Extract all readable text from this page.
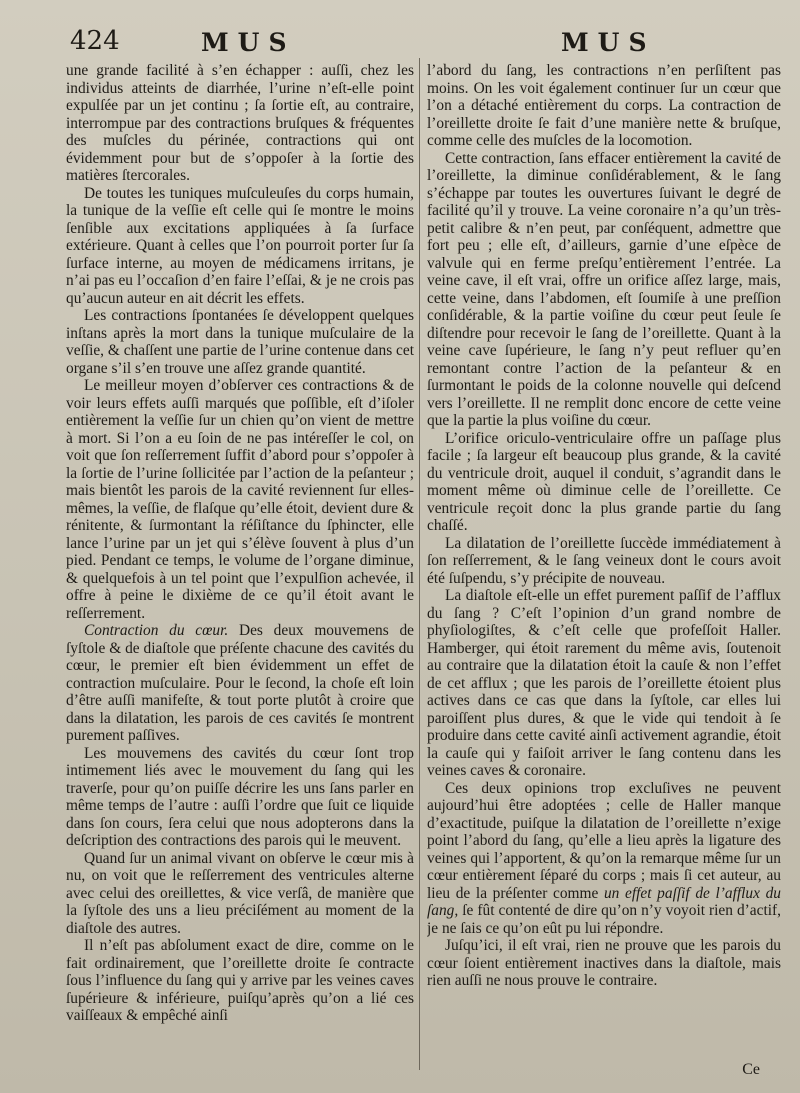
424	MUS	MUS

une grande facilité à s’en échapper : auſſi, chez les individus atteints de diarrhée, l’urine n’eſt-elle point expulſée par un jet continu ; ſa ſortie eſt, au contraire, interrompue par des contractions bruſques & fréquentes des muſcles du périnée, contractions qui ont évidemment pour but de s’oppoſer à la ſortie des matières ſtercorales.

De toutes les tuniques muſculeuſes du corps humain, la tunique de la veſſie eſt celle qui ſe montre le moins ſenſible aux excitations appliquées à ſa ſurface extérieure. Quant à celles que l’on pourroit porter ſur ſa ſurface interne, au moyen de médicamens irritans, je n’ai pas eu l’occaſion d’en faire l’eſſai, & je ne crois pas qu’aucun auteur en ait décrit les effets.

Les contractions ſpontanées ſe développent quelques inſtans après la mort dans la tunique muſculaire de la veſſie, & chaſſent une partie de l’urine contenue dans cet organe s’il s’en trouve une aſſez grande quantité.

Le meilleur moyen d’obſerver ces contractions & de voir leurs effets auſſi marqués que poſſible, eſt d’iſoler entièrement la veſſie ſur un chien qu’on vient de mettre à mort. Si l’on a eu ſoin de ne pas intéreſſer le col, on voit que ſon reſſerrement ſuffit d’abord pour s’oppoſer à la ſortie de l’urine ſollicitée par l’action de la peſanteur ; mais bientôt les parois de la cavité reviennent ſur elles-mêmes, la veſſie, de flaſque qu’elle étoit, devient dure & rénitente, & ſurmontant la réſiſtance du ſphincter, elle lance l’urine par un jet qui s’élève ſouvent à plus d’un pied. Pendant ce temps, le volume de l’organe diminue, & quelquefois à un tel point que l’expulſion achevée, il offre à peine le dixième de ce qu’il étoit avant le reſſerrement.

Contraction du cœur. Des deux mouvemens de ſyſtole & de diaſtole que préſente chacune des cavités du cœur, le premier eſt bien évidemment un effet de contraction muſculaire. Pour le ſecond, la choſe eſt loin d’être auſſi manifeſte, & tout porte plutôt à croire que dans la dilatation, les parois de ces cavités ſe montrent purement paſſives.

Les mouvemens des cavités du cœur ſont trop intimement liés avec le mouvement du ſang qui les traverſe, pour qu’on puiſſe décrire les uns ſans parler en même temps de l’autre : auſſi l’ordre que ſuit ce liquide dans ſon cours, ſera celui que nous adopterons dans la deſcription des contractions des parois qui le meuvent.

Quand ſur un animal vivant on obſerve le cœur mis à nu, on voit que le reſſerrement des ventricules alterne avec celui des oreillettes, & vice verſâ, de manière que la ſyſtole des uns a lieu préciſément au moment de la diaſtole des autres.

Il n’eſt pas abſolument exact de dire, comme on le fait ordinairement, que l’oreillette droite ſe contracte ſous l’influence du ſang qui y arrive par les veines caves ſupérieure & inférieure, puiſqu’après qu’on a lié ces vaiſſeaux & empêché ainſi

l’abord du ſang, les contractions n’en perſiſtent pas moins. On les voit également continuer ſur un cœur que l’on a détaché entièrement du corps. La contraction de l’oreillette droite ſe fait d’une manière nette & bruſque, comme celle des muſcles de la locomotion.

Cette contraction, ſans effacer entièrement la cavité de l’oreillette, la diminue conſidérablement, & le ſang s’échappe par toutes les ouvertures ſuivant le degré de facilité qu’il y trouve. La veine coronaire n’a qu’un très-petit calibre & n’en peut, par conſéquent, admettre que fort peu ; elle eſt, d’ailleurs, garnie d’une eſpèce de valvule qui en ferme preſqu’entièrement l’entrée. La veine cave, il eſt vrai, offre un orifice aſſez large, mais, cette veine, dans l’abdomen, eſt ſoumiſe à une preſſion conſidérable, & la partie voiſine du cœur peut ſeule ſe diſtendre pour recevoir le ſang de l’oreillette. Quant à la veine cave ſupérieure, le ſang n’y peut refluer qu’en remontant contre l’action de la peſanteur & en ſurmontant le poids de la colonne nouvelle qui deſcend vers l’oreillette. Il ne remplit donc encore de cette veine que la partie la plus voiſine du cœur.

L’orifice oriculo-ventriculaire offre un paſſage plus facile ; ſa largeur eſt beaucoup plus grande, & la cavité du ventricule droit, auquel il conduit, s’agrandit dans le moment même où diminue celle de l’oreillette. Ce ventricule reçoit donc la plus grande partie du ſang chaſſé.

La dilatation de l’oreillette ſuccède immédiatement à ſon reſſerrement, & le ſang veineux dont le cours avoit été ſuſpendu, s’y précipite de nouveau.

La diaſtole eſt-elle un effet purement paſſif de l’afflux du ſang ? C’eſt l’opinion d’un grand nombre de phyſiologiſtes, & c’eſt celle que profeſſoit Haller. Hamberger, qui étoit rarement du même avis, ſoutenoit au contraire que la dilatation étoit la cauſe & non l’effet de cet afflux ; que les parois de l’oreillette étoient plus actives dans ce cas que dans la ſyſtole, car elles lui paroiſſent plus dures, & que le vide qui tendoit à ſe produire dans cette cavité ainſi activement agrandie, étoit la cauſe qui y faiſoit arriver le ſang contenu dans les veines caves & coronaire.

Ces deux opinions trop excluſives ne peuvent aujourd’hui être adoptées ; celle de Haller manque d’exactitude, puiſque la dilatation de l’oreillette n’exige point l’abord du ſang, qu’elle a lieu après la ligature des veines qui l’apportent, & qu’on la remarque même ſur un cœur entièrement ſéparé du corps ; mais ſi cet auteur, au lieu de la préſenter comme un effet paſſif de l’afflux du ſang, ſe fût contenté de dire qu’on n’y voyoit rien d’actif, je ne ſais ce qu’on eût pu lui répondre.

Juſqu’ici, il eſt vrai, rien ne prouve que les parois du cœur ſoient entièrement inactives dans la diaſtole, mais rien auſſi ne nous prouve le contraire.

Ce
